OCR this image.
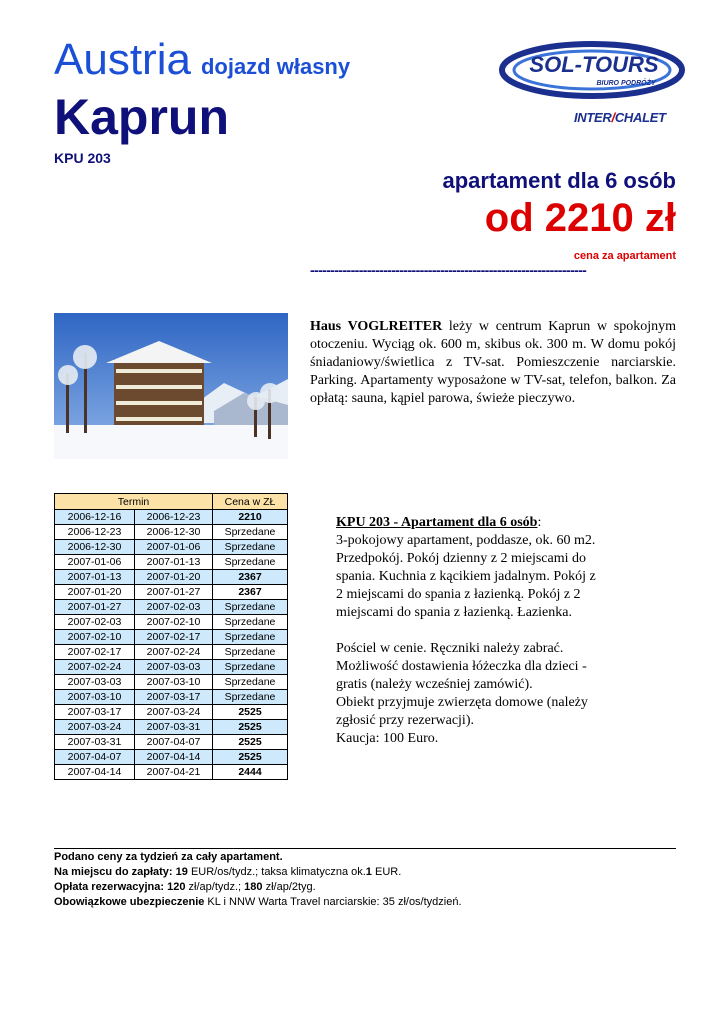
Austria dojazd własny
Kaprun
KPU 203
SOL-TOURS
BIURO PODRÓŻY
INTER/CHALET
apartament dla 6 osób
od 2210 zł
cena za apartament
--------------------------------------------------------------------
Haus VOGLREITER leży w centrum Kaprun w spokojnym otoczeniu. Wyciąg ok. 600 m, skibus ok. 300 m. W domu pokój śniadaniowy/świetlica z TV-sat. Pomieszczenie narciarskie. Parking. Apartamenty wyposażone w TV-sat, telefon, balkon. Za opłatą: sauna, kąpiel parowa, świeże pieczywo.
Termin		Cena w ZŁ
2006-12-16	2006-12-23	2210
2006-12-23	2006-12-30	Sprzedane
2006-12-30	2007-01-06	Sprzedane
2007-01-06	2007-01-13	Sprzedane
2007-01-13	2007-01-20	2367
2007-01-20	2007-01-27	2367
2007-01-27	2007-02-03	Sprzedane
2007-02-03	2007-02-10	Sprzedane
2007-02-10	2007-02-17	Sprzedane
2007-02-17	2007-02-24	Sprzedane
2007-02-24	2007-03-03	Sprzedane
2007-03-03	2007-03-10	Sprzedane
2007-03-10	2007-03-17	Sprzedane
2007-03-17	2007-03-24	2525
2007-03-24	2007-03-31	2525
2007-03-31	2007-04-07	2525
2007-04-07	2007-04-14	2525
2007-04-14	2007-04-21	2444
KPU 203 - Apartament dla 6 osób:
3-pokojowy apartament, poddasze, ok. 60 m2.
Przedpokój. Pokój dzienny z 2 miejscami do
spania. Kuchnia z kącikiem jadalnym. Pokój z
2 miejscami do spania z łazienką. Pokój z 2
miejscami do spania z łazienką. Łazienka.
Pościel w cenie. Ręczniki należy zabrać.
Możliwość dostawienia łóżeczka dla dzieci -
gratis (należy wcześniej zamówić).
Obiekt przyjmuje zwierzęta domowe (należy
zgłosić przy rezerwacji).
Kaucja: 100 Euro.
Podano ceny za tydzień za cały apartament.
Na miejscu do zapłaty: 19 EUR/os/tydz.; taksa klimatyczna ok.1 EUR.
Opłata rezerwacyjna: 120 zł/ap/tydz.; 180 zł/ap/2tyg.
Obowiązkowe ubezpieczenie KL i NNW Warta Travel narciarskie: 35 zł/os/tydzień.
